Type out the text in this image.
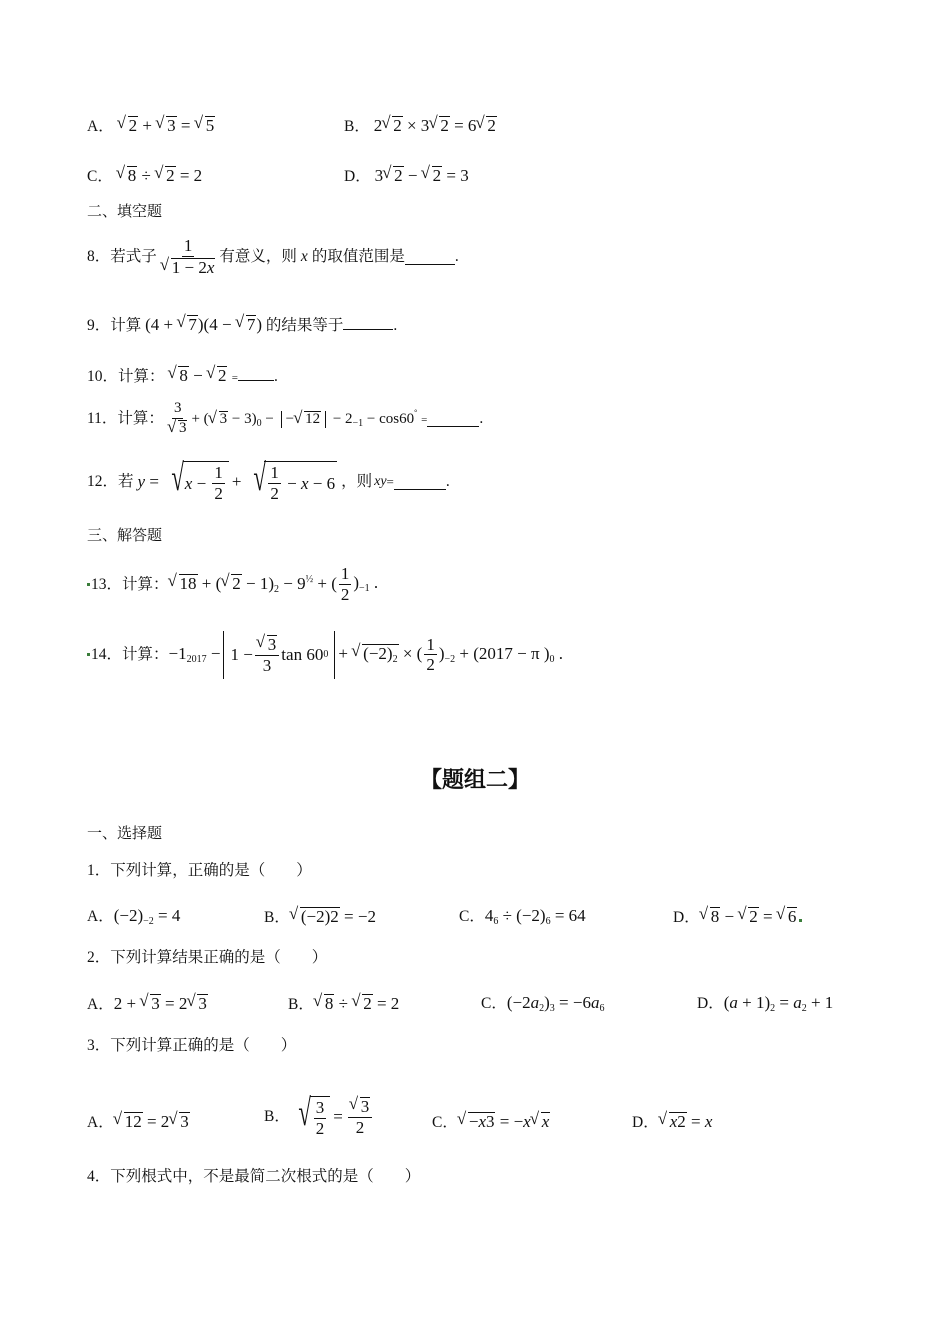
A． √ 2 + √ 3 = √ 5	B． 2 √ 2 × 3 √ 2 = 6 √ 2
C． √ 8 ÷ √ 2 = 2	D． 3 √ 2 − √ 2 = 3
二、填空题
8．若式子 1
√ 1 − 2x 有意义，则 x 的取值范围是	.
9．计算 (4 + √ 7)(4 − √ 7) 的结果等于	.
10．计算： √ 8 − √ 2 = .
11．计算： 3
√ 3 + ( √ $3 - 3)_0$ − − √ $12 - 2_{-1} - \cos 60^\circ$ =	.
12．若 y = √ $x - \frac{1}{2}$ + √ $\frac{1}{2} - x - 6$ ，则 xy =	.
三、解答题
13．计算： √ 18 + ( √ $2 - 1)_2 - 9^{\frac{1}{2}}$ + ( $\frac{1}{2} )_{-1}$ .
14．计算： $-1_{2017} - 1$ − √ $\frac{3}{3}$ tan 60 0 + √ $(-2)_2$ × ( $\frac{1}{2} )_{-2} + (2017 - \pi$ )$_0$ .
【题组二】
一、选择题
1．下列计算，正确的是（　　）
A．$(-2)_{-2} = 4$	B． √ (−2)2 = −2	C．$4_6 \div (-2)_6 = 64$	D． √ 8 − √ 2 = √ 6
2．下列计算结果正确的是（　　）
A．2 + √ 3 = 2 √ 3	B． √ 8 ÷ √ 2 = 2	C．$(-2a_2)_3 = -6a_6$	D．$(a + 1)_2 = a_2 + 1$
3．下列计算正确的是（　　）
A． √ 12 = 2 √ 3	B． √ $\frac{3}{2}$ = √ $\frac{3}{2}$	C． √ −x3 = −x √ x	D． √ x2 = x
4．下列根式中，不是最简二次根式的是（　　）
